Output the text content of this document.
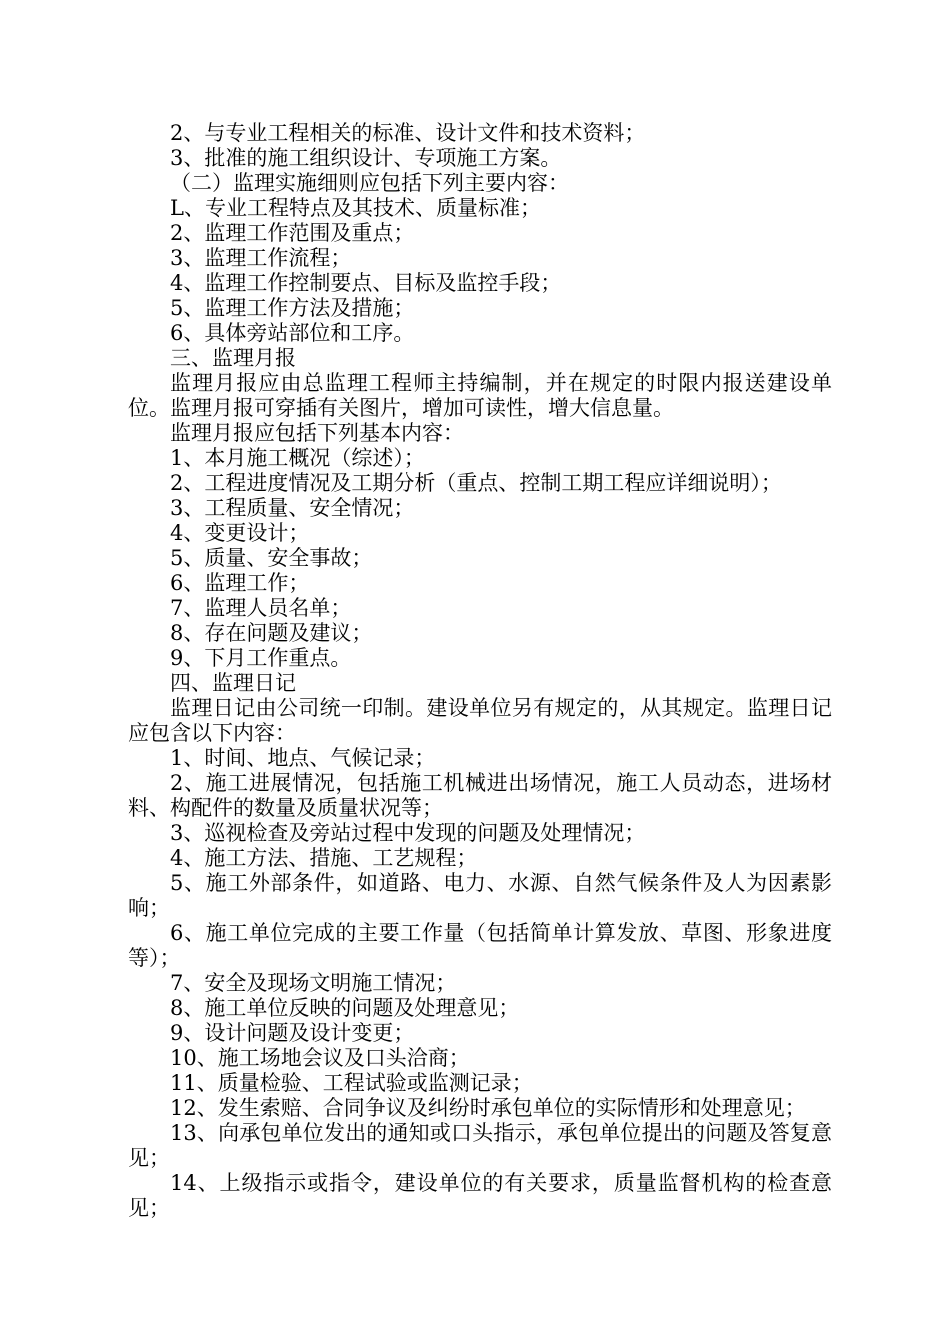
2、与专业工程相关的标准、设计文件和技术资料；

3、批准的施工组织设计、专项施工方案。

（二）监理实施细则应包括下列主要内容：

L、专业工程特点及其技术、质量标准；

2、监理工作范围及重点；

3、监理工作流程；

4、监理工作控制要点、目标及监控手段；

5、监理工作方法及措施；

6、具体旁站部位和工序。

三、监理月报

监理月报应由总监理工程师主持编制，并在规定的时限内报送建设单位。监理月报可穿插有关图片，增加可读性，增大信息量。

监理月报应包括下列基本内容：

1、本月施工概况（综述）；

2、工程进度情况及工期分析（重点、控制工期工程应详细说明）；

3、工程质量、安全情况；

4、变更设计；

5、质量、安全事故；

6、监理工作；

7、监理人员名单；

8、存在问题及建议；

9、下月工作重点。

四、监理日记

监理日记由公司统一印制。建设单位另有规定的，从其规定。监理日记应包含以下内容：

1、时间、地点、气候记录；

2、施工进展情况，包括施工机械进出场情况，施工人员动态，进场材料、构配件的数量及质量状况等；

3、巡视检查及旁站过程中发现的问题及处理情况；

4、施工方法、措施、工艺规程；

5、施工外部条件，如道路、电力、水源、自然气候条件及人为因素影响；

6、施工单位完成的主要工作量（包括简单计算发放、草图、形象进度等）；

7、安全及现场文明施工情况；

8、施工单位反映的问题及处理意见；

9、设计问题及设计变更；

10、施工场地会议及口头洽商；

11、质量检验、工程试验或监测记录；

12、发生索赔、合同争议及纠纷时承包单位的实际情形和处理意见；

13、向承包单位发出的通知或口头指示，承包单位提出的问题及答复意见；

14、上级指示或指令，建设单位的有关要求，质量监督机构的检查意见；
